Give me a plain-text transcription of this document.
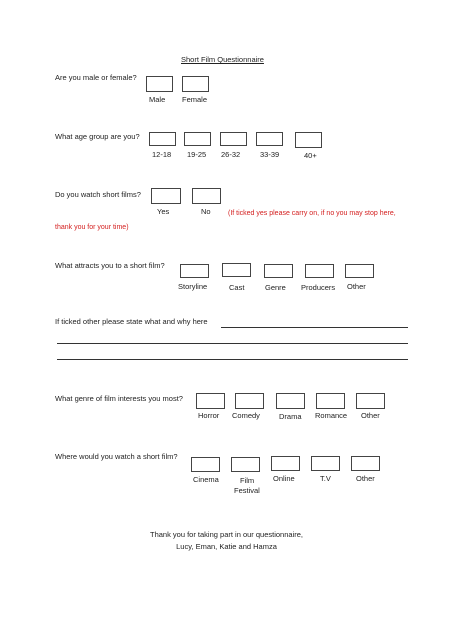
Short Film Questionnaire
Are you male or female?
Male Female
What age group are you?
12-18 19-25 26-32	33-39	40+
Do you watch short films?
Yes	No (If ticked yes please carry on, if no you may stop here,
thank you for your time)
What attracts you to a short film?
Storyline	Cast	Genre Producers Other
If ticked other please state what and why here
What genre of film interests you most?
Horror Comedy	Drama Romance Other
Where would you watch a short film?
Cinema	Film
Festival
Online	T.V	Other
Thank you for taking part in our questionnaire,
Lucy, Eman, Katie and Hamza
